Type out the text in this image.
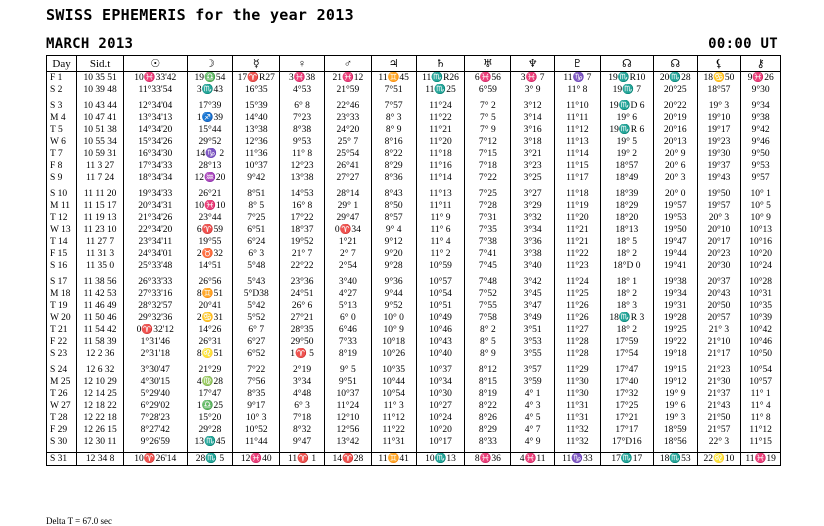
SWISS EPHEMERIS for the year 2013
MARCH 2013	00:00 UT
Day	Sid.t	☉	☽	☿	♀	♂	♃	♄	♅	♆	♇	☊	☊	⚸	⚷
F 1	10 35 51	10♓33'42	19♎54	17♈R27	3♓38	21♓12	11♊45	11♏R26	6♓56	3♓ 7	11♑ 7	19♏R10	20♏28	18♋50	9♓26
S 2	10 39 48	11°33'54	3♏43	16°35	4°53	21°59	7°51	11♏25	6°59	3° 9	11° 8	19♏ 7	20°25	18°57	9°30

S 3	10 43 44	12°34'04	17°39	15°39	6° 8	22°46	7°57	11°24	7° 2	3°12	11°10	19♏D 6	20°22	19° 3	9°34
M 4	10 47 41	13°34'13	1♐39	14°40	7°23	23°33	8° 3	11°22	7° 5	3°14	11°11	19° 6	20°19	19°10	9°38
T 5	10 51 38	14°34'20	15°44	13°38	8°38	24°20	8° 9	11°21	7° 9	3°16	11°12	19♏R 6	20°16	19°17	9°42
W 6	10 55 34	15°34'26	29°52	12°36	9°53	25° 7	8°16	11°20	7°12	3°18	11°13	19° 5	20°13	19°23	9°46
T 7	10 59 31	16°34'30	14♑ 2	11°36	11° 8	25°54	8°22	11°18	7°15	3°21	11°14	19° 2	20° 9	19°30	9°50
F 8	11 3 27	17°34'33	28°13	10°37	12°23	26°41	8°29	11°16	7°18	3°23	11°15	18°57	20° 6	19°37	9°53
S 9	11 7 24	18°34'34	12♒20	9°42	13°38	27°27	8°36	11°14	7°22	3°25	11°17	18°49	20° 3	19°43	9°57

S 10	11 11 20	19°34'33	26°21	8°51	14°53	28°14	8°43	11°13	7°25	3°27	11°18	18°39	20° 0	19°50	10° 1
M 11	11 15 17	20°34'31	10♓10	8° 5	16° 8	29° 1	8°50	11°11	7°28	3°29	11°19	18°29	19°57	19°57	10° 5
T 12	11 19 13	21°34'26	23°44	7°25	17°22	29°47	8°57	11° 9	7°31	3°32	11°20	18°20	19°53	20° 3	10° 9
W 13	11 23 10	22°34'20	6♈59	6°51	18°37	0♈34	9° 4	11° 6	7°35	3°34	11°21	18°13	19°50	20°10	10°13
T 14	11 27 7	23°34'11	19°55	6°24	19°52	1°21	9°12	11° 4	7°38	3°36	11°21	18° 5	19°47	20°17	10°16
F 15	11 31 3	24°34'01	2♉32	6° 3	21° 7	2° 7	9°20	11° 2	7°41	3°38	11°22	18° 2	19°44	20°23	10°20
S 16	11 35 0	25°33'48	14°51	5°48	22°22	2°54	9°28	10°59	7°45	3°40	11°23	18°D 0	19°41	20°30	10°24

S 17	11 38 56	26°33'33	26°56	5°43	23°36	3°40	9°36	10°57	7°48	3°42	11°24	18° 1	19°38	20°37	10°28
M 18	11 42 53	27°33'16	8♊51	5°D38	24°51	4°27	9°44	10°54	7°52	3°45	11°25	18° 2	19°34	20°43	10°31
T 19	11 46 49	28°32'57	20°41	5°42	26° 6	5°13	9°52	10°51	7°55	3°47	11°26	18° 3	19°31	20°50	10°35
W 20	11 50 46	29°32'36	2♋31	5°52	27°21	6° 0	10° 0	10°49	7°58	3°49	11°26	18♏R 3	19°28	20°57	10°39
T 21	11 54 42	0♈32'12	14°26	6° 7	28°35	6°46	10° 9	10°46	8° 2	3°51	11°27	18° 2	19°25	21° 3	10°42
F 22	11 58 39	1°31'46	26°31	6°27	29°50	7°33	10°18	10°43	8° 5	3°53	11°28	17°59	19°22	21°10	10°46
S 23	12 2 36	2°31'18	8♌51	6°52	1♈ 5	8°19	10°26	10°40	8° 9	3°55	11°28	17°54	19°18	21°17	10°50

S 24	12 6 32	3°30'47	21°29	7°22	2°19	9° 5	10°35	10°37	8°12	3°57	11°29	17°47	19°15	21°23	10°54
M 25	12 10 29	4°30'15	4♍28	7°56	3°34	9°51	10°44	10°34	8°15	3°59	11°30	17°40	19°12	21°30	10°57
T 26	12 14 25	5°29'40	17°47	8°35	4°48	10°37	10°54	10°30	8°19	4° 1	11°30	17°32	19° 9	21°37	11° 1
W 27	12 18 22	6°29'02	1♎25	9°17	6° 3	11°24	11° 3	10°27	8°22	4° 3	11°31	17°25	19° 6	21°43	11° 4
T 28	12 22 18	7°28'23	15°20	10° 3	7°18	12°10	11°12	10°24	8°26	4° 5	11°31	17°21	19° 3	21°50	11° 8
F 29	12 26 15	8°27'42	29°28	10°52	8°32	12°56	11°22	10°20	8°29	4° 7	11°32	17°17	18°59	21°57	11°12
S 30	12 30 11	9°26'59	13♏45	11°44	9°47	13°42	11°31	10°17	8°33	4° 9	11°32	17°D16	18°56	22° 3	11°15

S 31	12 34 8	10♈26'14	28♏ 5	12♓40	11♈ 1	14♈28	11♊41	10♏13	8♓36	4♓11	11♑33	17♏17	18♏53	22♌10	11♓19
Delta T = 67.0 sec
